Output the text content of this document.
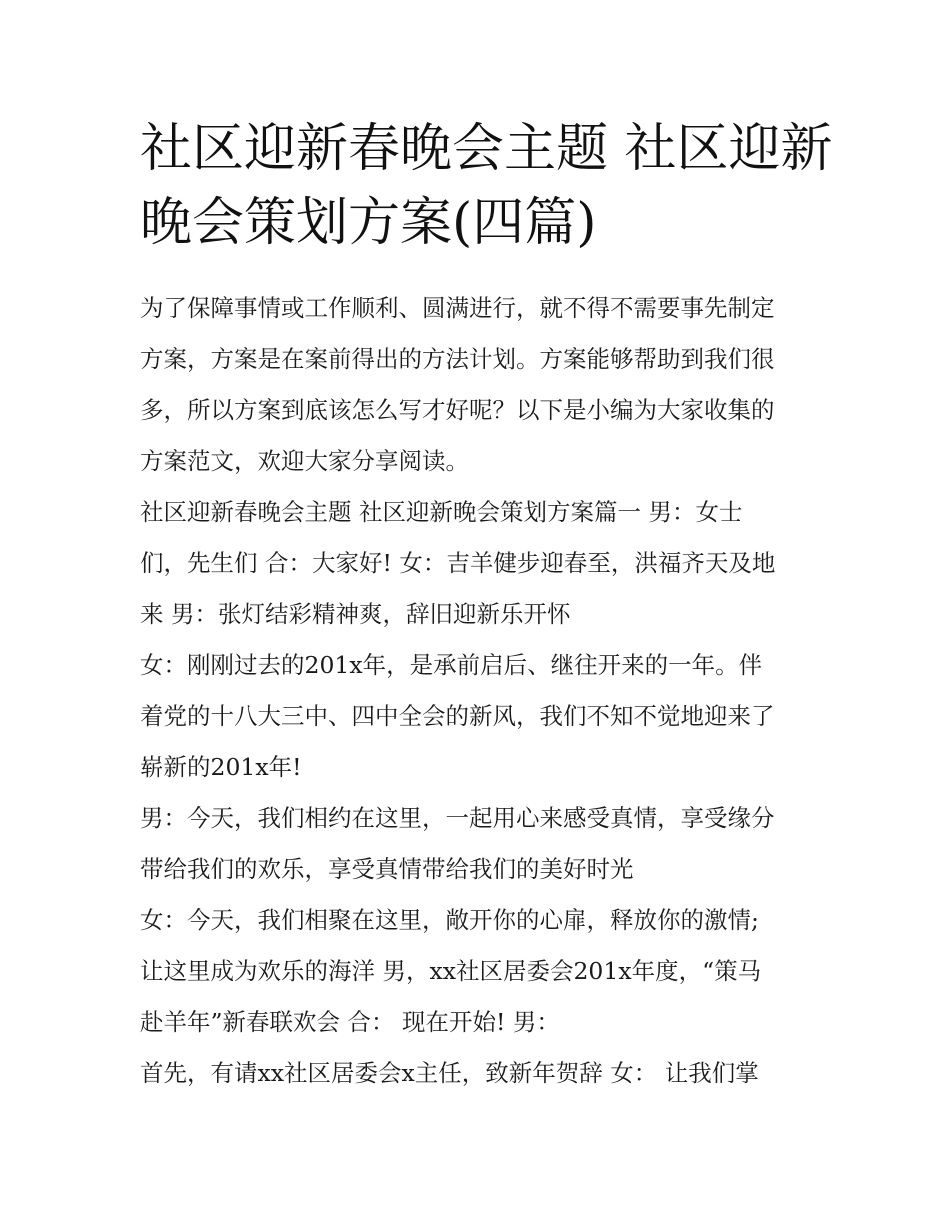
社区迎新春晚会主题 社区迎新
晚会策划方案(四篇)
为了保障事情或工作顺利、圆满进行，就不得不需要事先制定
方案，方案是在案前得出的方法计划。方案能够帮助到我们很
多，所以方案到底该怎么写才好呢？以下是小编为大家收集的
方案范文，欢迎大家分享阅读。
社区迎新春晚会主题 社区迎新晚会策划方案篇一 男：女士
们，先生们 合：大家好! 女：吉羊健步迎春至，洪福齐天及地
来 男：张灯结彩精神爽，辞旧迎新乐开怀
女：刚刚过去的201x年，是承前启后、继往开来的一年。伴
着党的十八大三中、四中全会的新风，我们不知不觉地迎来了
崭新的201x年!
男：今天，我们相约在这里，一起用心来感受真情，享受缘分
带给我们的欢乐，享受真情带给我们的美好时光
女：今天，我们相聚在这里，敞开你的心扉，释放你的激情;
让这里成为欢乐的海洋 男，xx社区居委会201x年度，“策马
赴羊年”新春联欢会 合： 现在开始! 男：
首先，有请xx社区居委会x主任，致新年贺辞 女： 让我们掌
